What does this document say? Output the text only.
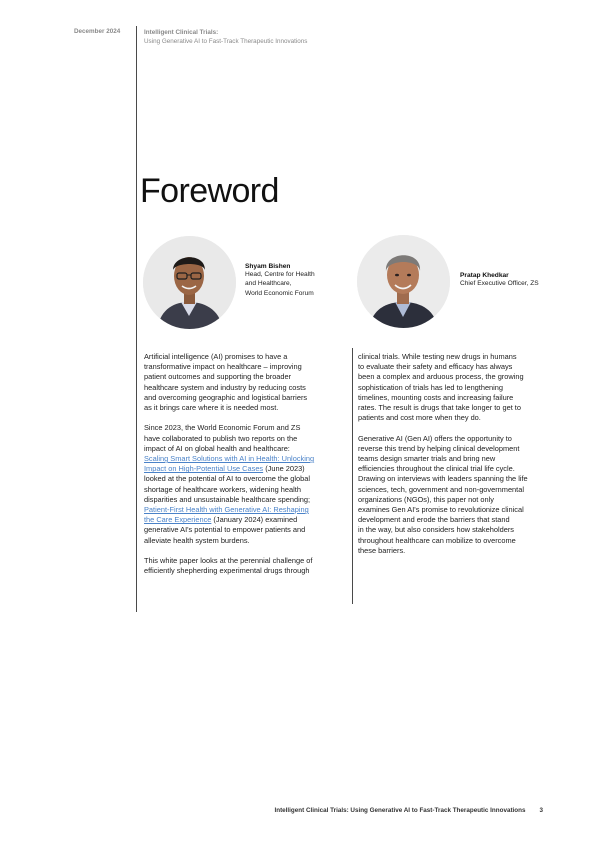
December 2024	Intelligent Clinical Trials:
Using Generative AI to Fast-Track Therapeutic Innovations
Foreword
Shyam Bishen
Head, Centre for Health
and Healthcare,
World Economic Forum
Pratap Khedkar
Chief Executive Officer, ZS

Artificial intelligence (AI) promises to have a
transformative impact on healthcare – improving
patient outcomes and supporting the broader
healthcare system and industry by reducing costs
and overcoming geographic and logistical barriers
as it brings care where it is needed most.

Since 2023, the World Economic Forum and ZS
have collaborated to publish two reports on the
impact of AI on global health and healthcare:
Scaling Smart Solutions with AI in Health: Unlocking
Impact on High-Potential Use Cases (June 2023)
looked at the potential of AI to overcome the global
shortage of healthcare workers, widening health
disparities and unsustainable healthcare spending;
Patient-First Health with Generative AI: Reshaping
the Care Experience (January 2024) examined
generative AI's potential to empower patients and
alleviate health system burdens.

This white paper looks at the perennial challenge of
efficiently shepherding experimental drugs through

clinical trials. While testing new drugs in humans
to evaluate their safety and efficacy has always
been a complex and arduous process, the growing
sophistication of trials has led to lengthening
timelines, mounting costs and increasing failure
rates. The result is drugs that take longer to get to
patients and cost more when they do.

Generative AI (Gen AI) offers the opportunity to
reverse this trend by helping clinical development
teams design smarter trials and bring new
efficiencies throughout the clinical trial life cycle.
Drawing on interviews with leaders spanning the life
sciences, tech, government and non-governmental
organizations (NGOs), this paper not only
examines Gen AI's promise to revolutionize clinical
development and erode the barriers that stand
in the way, but also considers how stakeholders
throughout healthcare can mobilize to overcome
these barriers.

Intelligent Clinical Trials: Using Generative AI to Fast-Track Therapeutic Innovations 3
